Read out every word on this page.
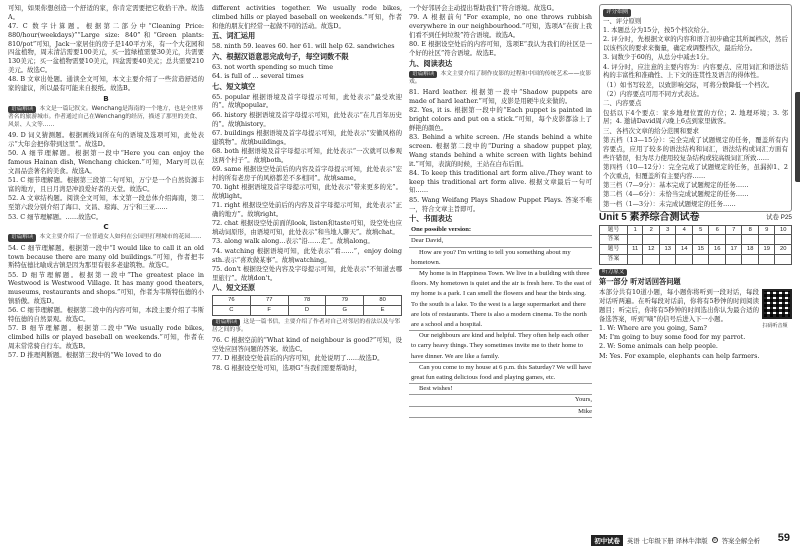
可知，如果你想创造一个舒适的家，你肯定需要把它收拾干净。故选A。
47. C 数字计算题。根据第二部分中“Cleaning Price: 880/hour(weekdays)”“Large size: 840”和“Green plants: 810/pot”可知，Jack一家居住的房子是140平方米，有一个大花园和四盆植物，周末清洁需要100美元，买一篮绿植需要30美元，共需要130美元；买一盆植物需要10美元，四盆需要40美元；总共需要210美元。故选C。
48. B 文章出处题。通读全文可知，本文主要介绍了一些营造舒适的家的建议，所以最有可能来自报纸。故选B。
B
语篇解读 本文是一篇记叙文。Wenchang是海南的一个地方，也是全世界著名的旅游城市。作者通过自己在Wenchang的经历，描述了那里的美食、风景、人文等……
49. D 词义猜测题。根据画线词所在句的语境及选项可知，此处表示“大年会把你带到这里”。故选D。
50. A 细节理解题。根据第一段中“Here you can enjoy the famous Hainan dish, Wenchang chicken.”可知，Mary可以在文昌品尝著名的美食。故选A。
51. C 细节理解题。根据第三段第二句可知，万宁是一个自然资源丰富的地方，且日月湾是冲浪爱好者的天堂。故选C。
52. A 文章结构题。阅读全文可知，本文第一段总体介绍海南，第二至第六段分别介绍了海口、文昌、琼海、万宁和三亚……
53. C 细节理解题。……故选C。
C
语篇解读 本文主要介绍了一位普通女人如何在公园里打理城市的花园……
54. C 细节理解题。根据第一段中“I would like to call it an old town because there are many old buildings.”可知，作者把韦斯特伍德比喻成古镇是因为那里有很多老建筑物。故选C。
55. D 细节理解题。根据第一段中“The greatest place in Westwood is Westwood Village. It has many good theaters, museums, restaurants and shops.”可知，作者为韦斯特伍德的小镇骄傲。故选D。
56. C 细节理解题。根据第二段中的内容可知，本段主要介绍了韦斯特伍德的自然景观。故选C。
57. B 细节理解题。根据第二段中“We usually rode bikes, climbed hills or played baseball on weekends.”可知，作者在周末常常骑自行车。故选B。
57. D 推理判断题。根据第三段中的“We loved to do
different activities together. We usually rode bikes, climbed hills or played baseball on weekends.”可知，作者和他的朋友们经常一起做不同的活动。故选D。
五、词汇运用
58. ninth 59. leaves 60. her 61. will help 62. sandwiches
六、根据汉语意思完成句子，每空词数不限
63. not worth spending so much time
64. is full of ... several times
七、短文填空
65. popular 根据语境及首字母提示可知，此处表示“最受欢迎的”。故填popular。
66. history 根据语境及首字母提示可知，此处表示“在几百年历史的”。故填history。
67. buildings 根据语境及首字母提示可知，此处表示“安徽风格的建筑物”。故填buildings。
68. both 根据语境及首字母提示可知，此处表示“一次就可以参观这两个村子”。故填both。
69. same 根据设空处前后的内容及首字母提示可知，此处表示“宏村的所有老房子的风格都差不多相同”。故填same。
70. light 根据语境及首字母提示可知，此处表示“带来更多的光”。故填light。
71. right 根据设空处前后的内容及首字母提示可知，此处表示“正确的地方”。故填right。
72. chat 根据设空处前面的look, listen和taste可知，设空处也应填动词原形，由语境可知，此处表示“和当地人聊天”。故填chat。
73. along walk along...表示“沿……走”。故填along。
74. watching 根据语境可知，此处表示“看……”，enjoy doing sth.表示“喜欢做某事”。故填watching。
75. don't 根据设空处内容及字母提示可知，此处表示“不知道去哪里旅行”。故填don't。
八、短文还原
76	77	78	79	80
C	F	D	G	E
语篇解读 这是一篇书信，主要介绍了作者对自己对邻居的看法以及与邻居之间的事。
76. C 根据空前的“What kind of neighbour is good?”可知，设空处应回答问题的答案。故选C。
77. D 根据设空处前后的内容可知，此处说明了……故选D。
78. G 根据设空处可知，选项G“当我们需要帮助时，
一个好邻居会主动提出帮助我们”符合语境。故选G。
79. A 根据前句“For example, no one throws rubbish everywhere in our neighbourhood.”可知，选项A“在街上我们看不到任何垃圾”符合语境。故选A。
80. E 根据设空处后的内容可知，选项E“我认为我们的社区是一个好的社区”符合语境。故选E。
九、阅读表达
语篇解读 本文主要介绍了制作皮影的过程和中国的传统艺术——皮影戏。
81. Hard leather. 根据第一段中“Shadow puppets are made of hard leather.”可知，皮影是用硬牛皮来做的。
82. Yes, it is. 根据第一段中的“Each puppet is painted in bright colors and put on a stick.”可知，每个皮影都涂上了鲜艳的颜色。
83. Behind a white screen. /He stands behind a white screen. 根据第二段中的“During a shadow puppet play, Wang stands behind a white screen with lights behind it.”可知，表演的时候，王站在白布后面。
84. To keep this traditional art form alive./They want to keep this traditional art form alive. 根据文章最后一句可知……
85. Wang Weifang Plays Shadow Puppet Plays. 答案不唯一，符合文章主旨即可。
十、书面表达
One possible version:
Dear David,
How are you? I'm writing to tell you something about my hometown.
My home is in Happiness Town. We live in a building with three floors. My hometown is quiet and the air is fresh here. To the east of my home is a park. I can smell the flowers and hear the birds sing. To the south is a lake. To the west is a large supermarket and there are lots of restaurants. There is also a modern cinema. To the north are a school and a hospital.
Our neighbours are kind and helpful. They often help each other to carry heavy things. They sometimes invite me to their home to have dinner. We are like a family.
Can you come to my house at 6 p.m. this Saturday? We will have great fun eating delicious food and playing games, etc.
Best wishes!
Yours,
Mike
评分细则
一、评分原则
1. 本题总分为15分，按5个档次给分。
2. 评分时，先根据文章的内容和语言初步确定其所属档次，然后以该档次的要求来衡量，确定或调整档次，最后给分。
3. 词数少于60的，从总分中减去1分。
4. 评分时，应注意的主要内容为：内容要点、应用词汇和语法结构的丰富性和准确性、上下文的连贯性及语言的得体性。
（1）如书写较差，以致影响交际，可将分数降低一个档次。
（2）内容要点可用不同方式表达。
二、内容要点
包括以下4个要点：家乡地理位置的方位；2. 地理环境；3. 邻居；4. 邀请David周六晚上6点到家里做客。
三、各档次文章的给分范围和要求
第五档（13—15分）：完全完成了试题规定的任务，覆盖所有内容要点，应用了较多的语法结构和词汇，语法结构或词汇方面有些许错误，但为尽力使用较复杂结构或较高级词汇所致……
第四档（10—12分）：完全完成了试题规定的任务，虽漏掉1、2个次重点，但覆盖所有主要内容……
第三档（7—9分）：基本完成了试题规定的任务……
第二档（4—6分）：未恰当完成试题规定的任务……
第一档（1—3分）：未完成试题规定的任务……
Unit 5 素养综合测试卷	试卷 P25
题号	1	2	3	4	5	6	7	8	9	10
答案										
题号	11	12	13	14	15	16	17	18	19	20
答案										
听力原文
第一部分 听对话回答问题
本部分共有10道小题，每小题你将听到一段对话，每段对话听两遍。在听每段对话前，你将有5秒钟的时间阅读题目；听完后，你将有5秒钟的时间选出你认为最合适的备选答案，听到“嘀”的信号后进入下一小题。
扫码听音频
1. W: Where are you going, Sam?
M: I'm going to buy some food for my parrot.
2. W: Some animals can help people.
M: Yes. For example, elephants can help farmers.
初中试卷	英语 七年级下册 译林牛津版 ◎ 答案全解全析 59
